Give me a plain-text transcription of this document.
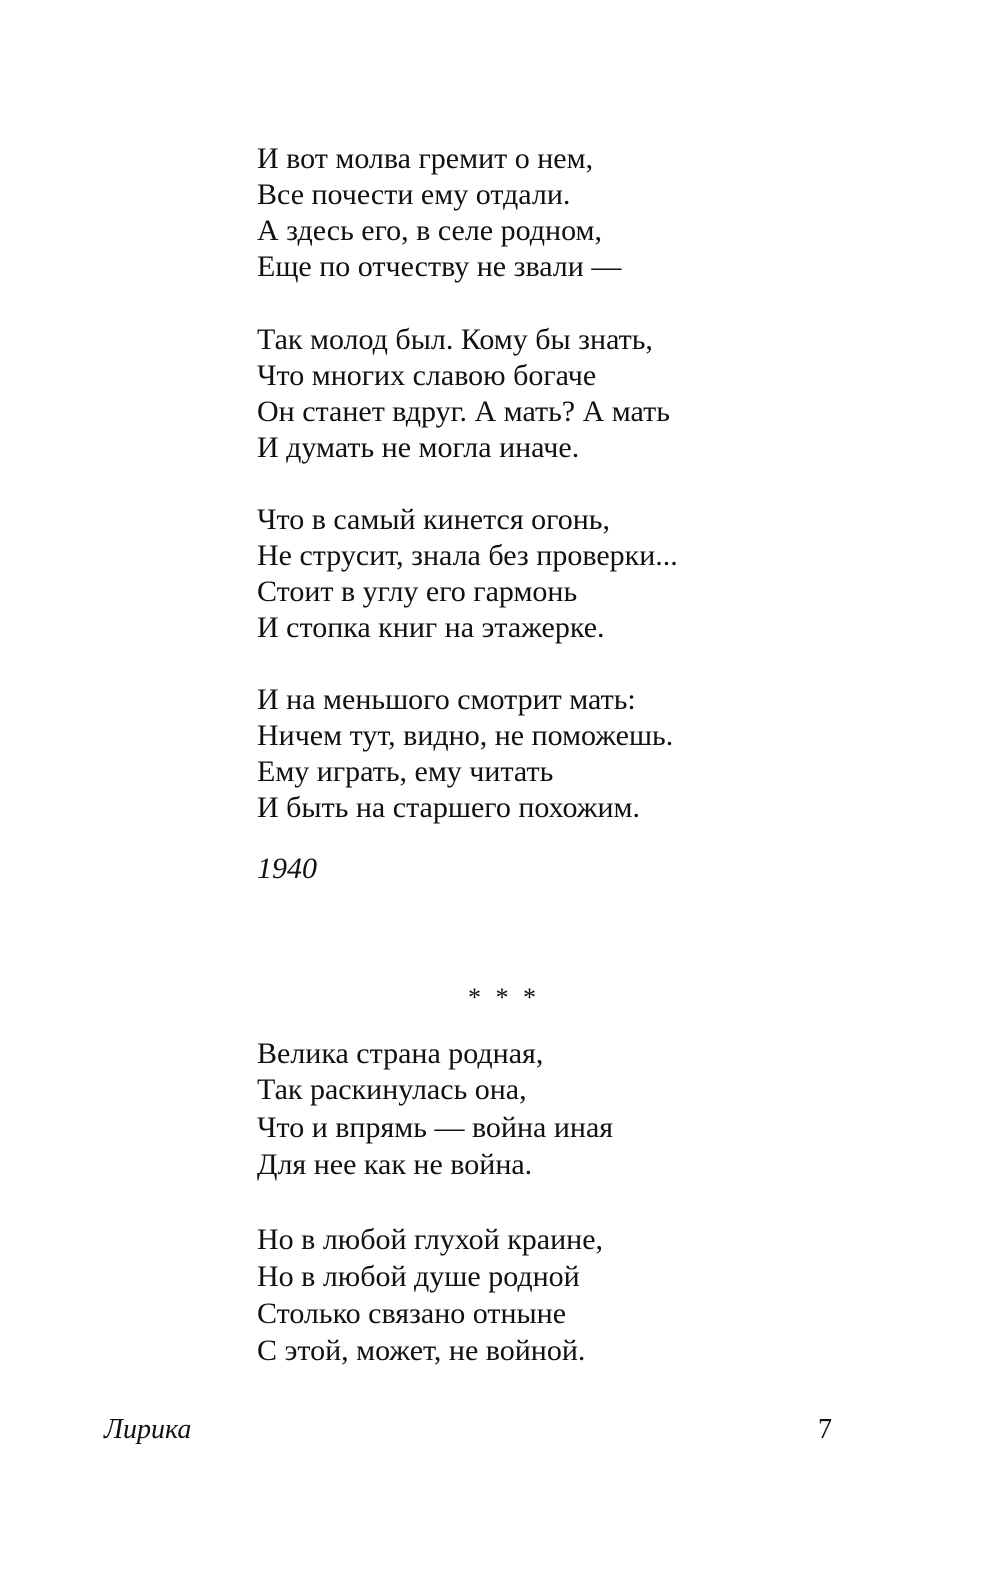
И вот молва гремит о нем,
Все почести ему отдали.
А здесь его, в селе родном,
Еще по отчеству не звали —
Так молод был. Кому бы знать,
Что многих славою богаче
Он станет вдруг. А мать? А мать
И думать не могла иначе.
Что в самый кинется огонь,
Не струсит, знала без проверки...
Стоит в углу его гармонь
И стопка книг на этажерке.
И на меньшого смотрит мать:
Ничем тут, видно, не поможешь.
Ему играть, ему читать
И быть на старшего похожим.
1940
* * *
Велика страна родная,
Так раскинулась она,
Что и впрямь — война иная
Для нее как не война.
Но в любой глухой краине,
Но в любой душе родной
Столько связано отныне
С этой, может, не войной.
Лирика	7
